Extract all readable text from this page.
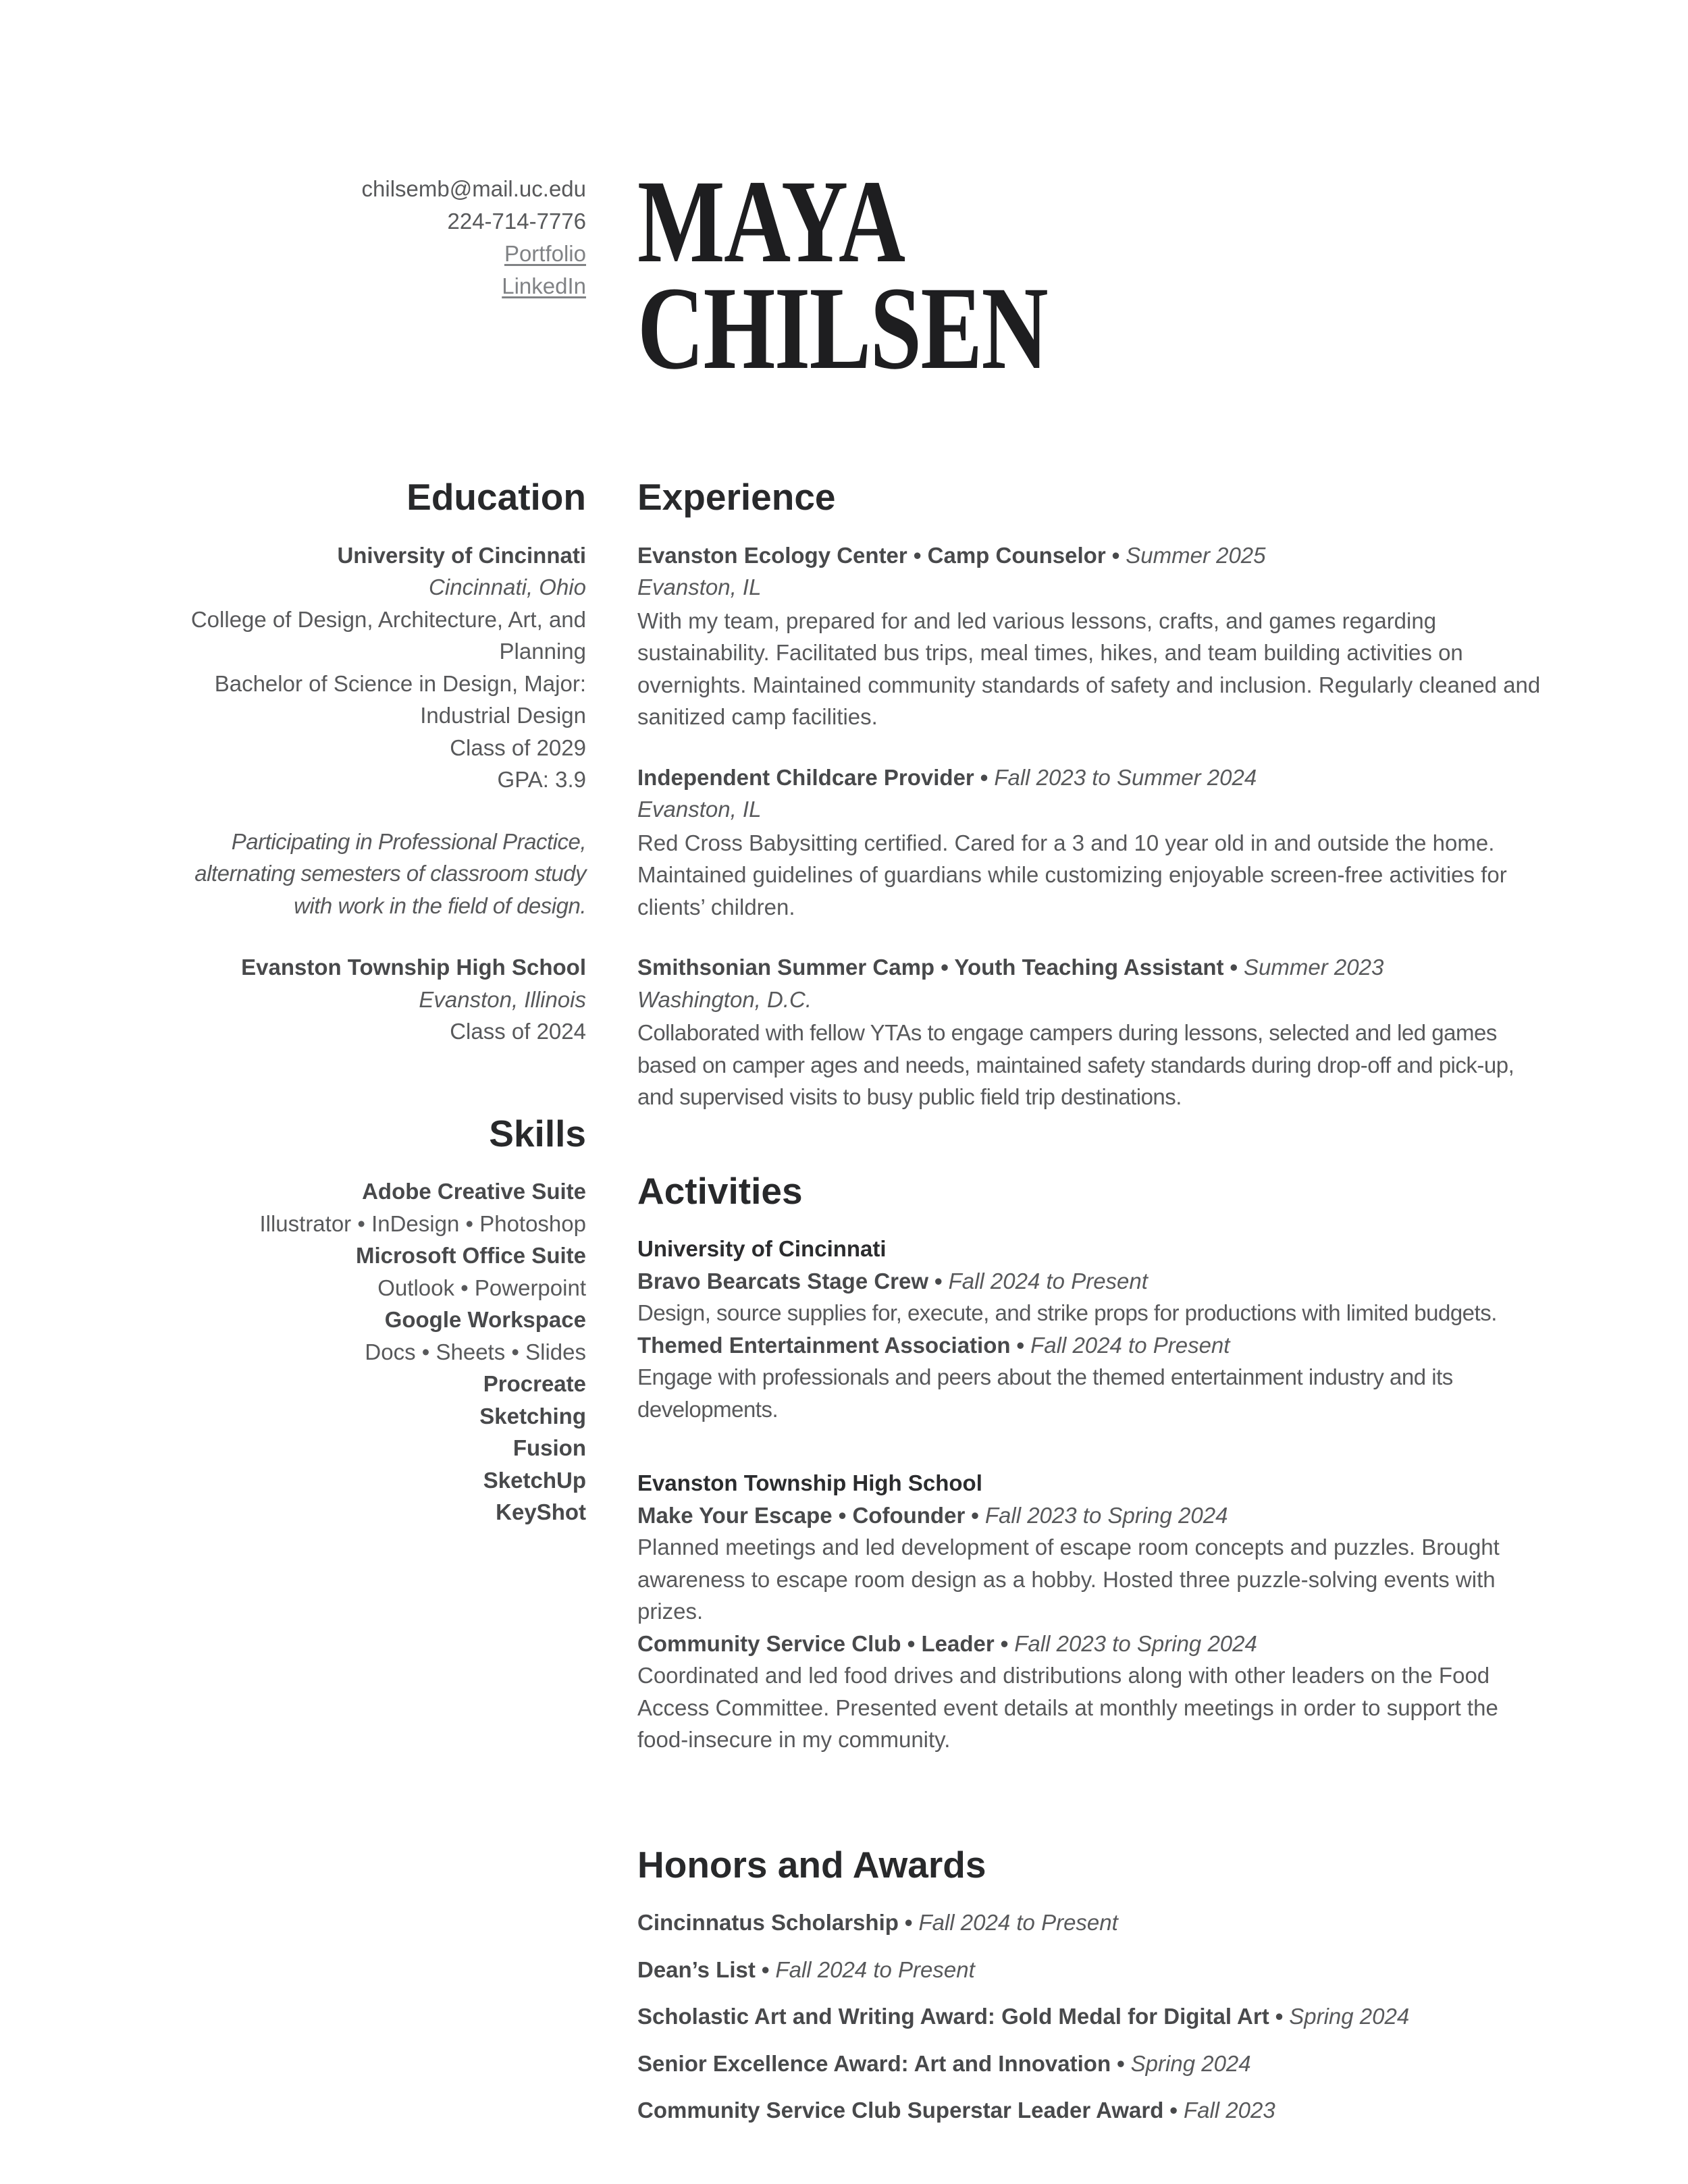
chilsemb@mail.uc.edu
224-714-7776
Portfolio
LinkedIn MAYA
CHILSEN
Education
University of Cincinnati
Cincinnati, Ohio
College of Design, Architecture, Art, and Planning
Bachelor of Science in Design, Major: Industrial Design
Class of 2029
GPA: 3.9

Participating in Professional Practice, alternating semesters of classroom study with work in the field of design.

Evanston Township High School
Evanston, Illinois
Class of 2024
Skills
Adobe Creative Suite
Illustrator • InDesign • Photoshop
Microsoft Office Suite
Outlook • Powerpoint
Google Workspace
Docs • Sheets • Slides
Procreate
Sketching
Fusion
SketchUp
KeyShot
Experience
Evanston Ecology Center • Camp Counselor • Summer 2025
Evanston, IL

With my team, prepared for and led various lessons, crafts, and games regarding sustainability. Facilitated bus trips, meal times, hikes, and team building activities on overnights. Maintained community standards of safety and inclusion. Regularly cleaned and sanitized camp facilities.

Independent Childcare Provider • Fall 2023 to Summer 2024
Evanston, IL

Red Cross Babysitting certified. Cared for a 3 and 10 year old in and outside the home. Maintained guidelines of guardians while customizing enjoyable screen-free activities for clients’ children.

Smithsonian Summer Camp • Youth Teaching Assistant • Summer 2023
Washington, D.C.

Collaborated with fellow YTAs to engage campers during lessons, selected and led games based on camper ages and needs, maintained safety standards during drop-off and pick-up, and supervised visits to busy public field trip destinations.

Activities
University of Cincinnati
Bravo Bearcats Stage Crew • Fall 2024 to Present

Design, source supplies for, execute, and strike props for productions with limited budgets.

Themed Entertainment Association • Fall 2024 to Present

Engage with professionals and peers about the themed entertainment industry and its developments.

Evanston Township High School
Make Your Escape • Cofounder • Fall 2023 to Spring 2024

Planned meetings and led development of escape room concepts and puzzles. Brought awareness to escape room design as a hobby. Hosted three puzzle-solving events with prizes.

Community Service Club • Leader • Fall 2023 to Spring 2024

Coordinated and led food drives and distributions along with other leaders on the Food Access Committee. Presented event details at monthly meetings in order to support the food-insecure in my community.

Honors and Awards
Cincinnatus Scholarship • Fall 2024 to Present
Dean’s List • Fall 2024 to Present
Scholastic Art and Writing Award: Gold Medal for Digital Art • Spring 2024
Senior Excellence Award: Art and Innovation • Spring 2024
Community Service Club Superstar Leader Award • Fall 2023
